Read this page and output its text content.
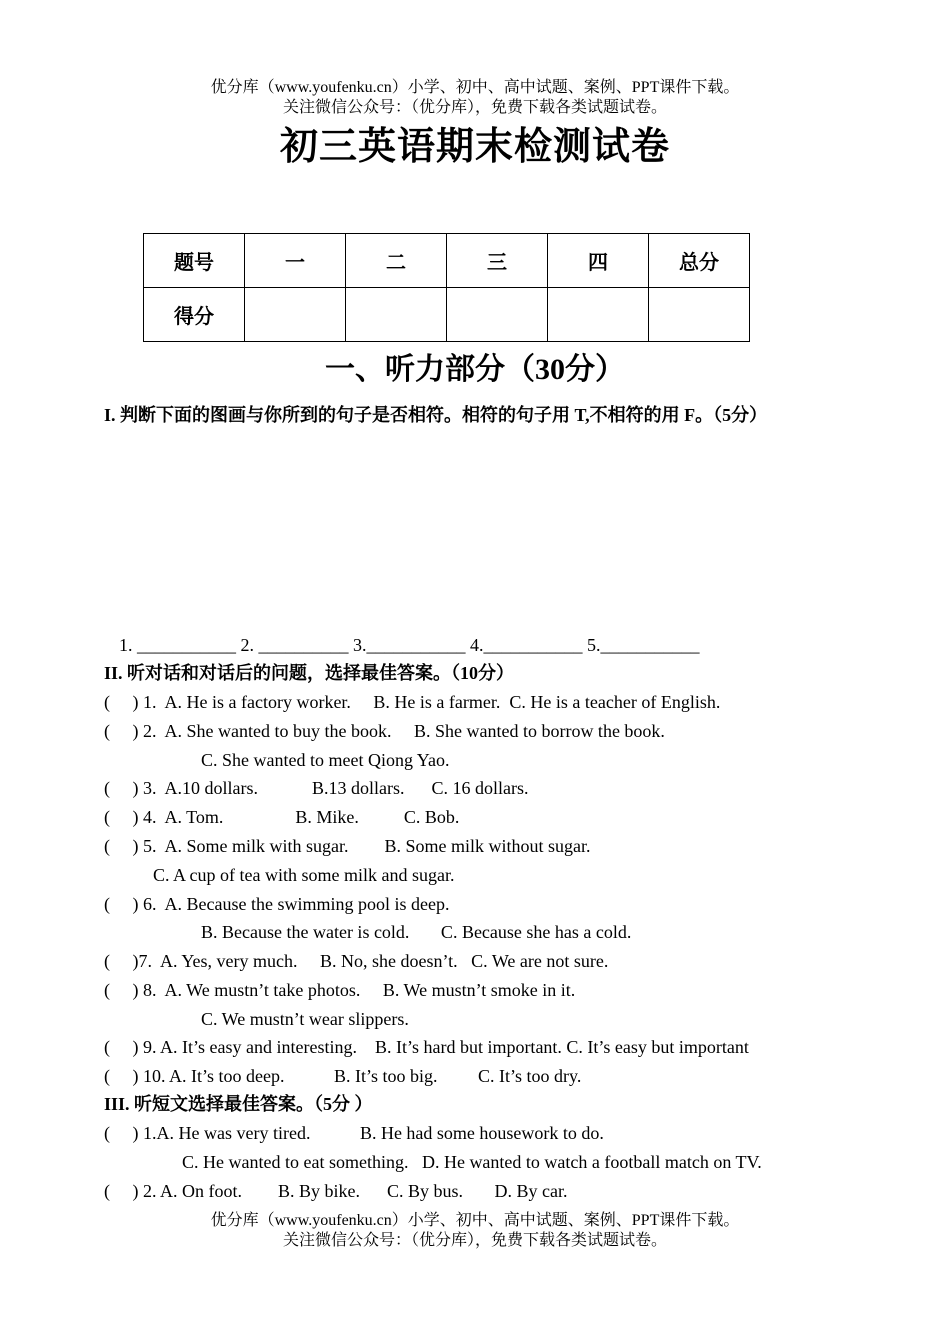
优分库（www.youfenku.cn）小学、初中、高中试题、案例、PPT课件下载。
关注微信公众号：（优分库），免费下载各类试题试卷。
初三英语期末检测试卷
题号	一	二	三	四	总分
得分					
一、听力部分（30分）
I. 判断下面的图画与你所到的句子是否相符。相符的句子用 T,不相符的用 F。（5分）
1. ___________ 2. __________ 3.___________ 4.___________ 5.___________
II. 听对话和对话后的问题，选择最佳答案。（10分）
(     ) 1.  A. He is a factory worker.     B. He is a farmer.  C. He is a teacher of English.
(     ) 2.  A. She wanted to buy the book.     B. She wanted to borrow the book.
C. She wanted to meet Qiong Yao.
(     ) 3.  A.10 dollars.            B.13 dollars.      C. 16 dollars.
(     ) 4.  A. Tom.                B. Mike.          C. Bob.
(     ) 5.  A. Some milk with sugar.        B. Some milk without sugar.
C. A cup of tea with some milk and sugar.
(     ) 6.  A. Because the swimming pool is deep.
B. Because the water is cold.       C. Because she has a cold.
(     )7.  A. Yes, very much.     B. No, she doesn’t.   C. We are not sure.
(     ) 8.  A. We mustn’t take photos.     B. We mustn’t smoke in it.
C. We mustn’t wear slippers.
(     ) 9. A. It’s easy and interesting.    B. It’s hard but important. C. It’s easy but important
(     ) 10. A. It’s too deep.           B. It’s too big.         C. It’s too dry.
III. 听短文选择最佳答案。（5分 ）
(     ) 1.A. He was very tired.           B. He had some housework to do.
C. He wanted to eat something.   D. He wanted to watch a football match on TV.
(     ) 2. A. On foot.        B. By bike.      C. By bus.       D. By car.
优分库（www.youfenku.cn）小学、初中、高中试题、案例、PPT课件下载。
关注微信公众号：（优分库），免费下载各类试题试卷。
